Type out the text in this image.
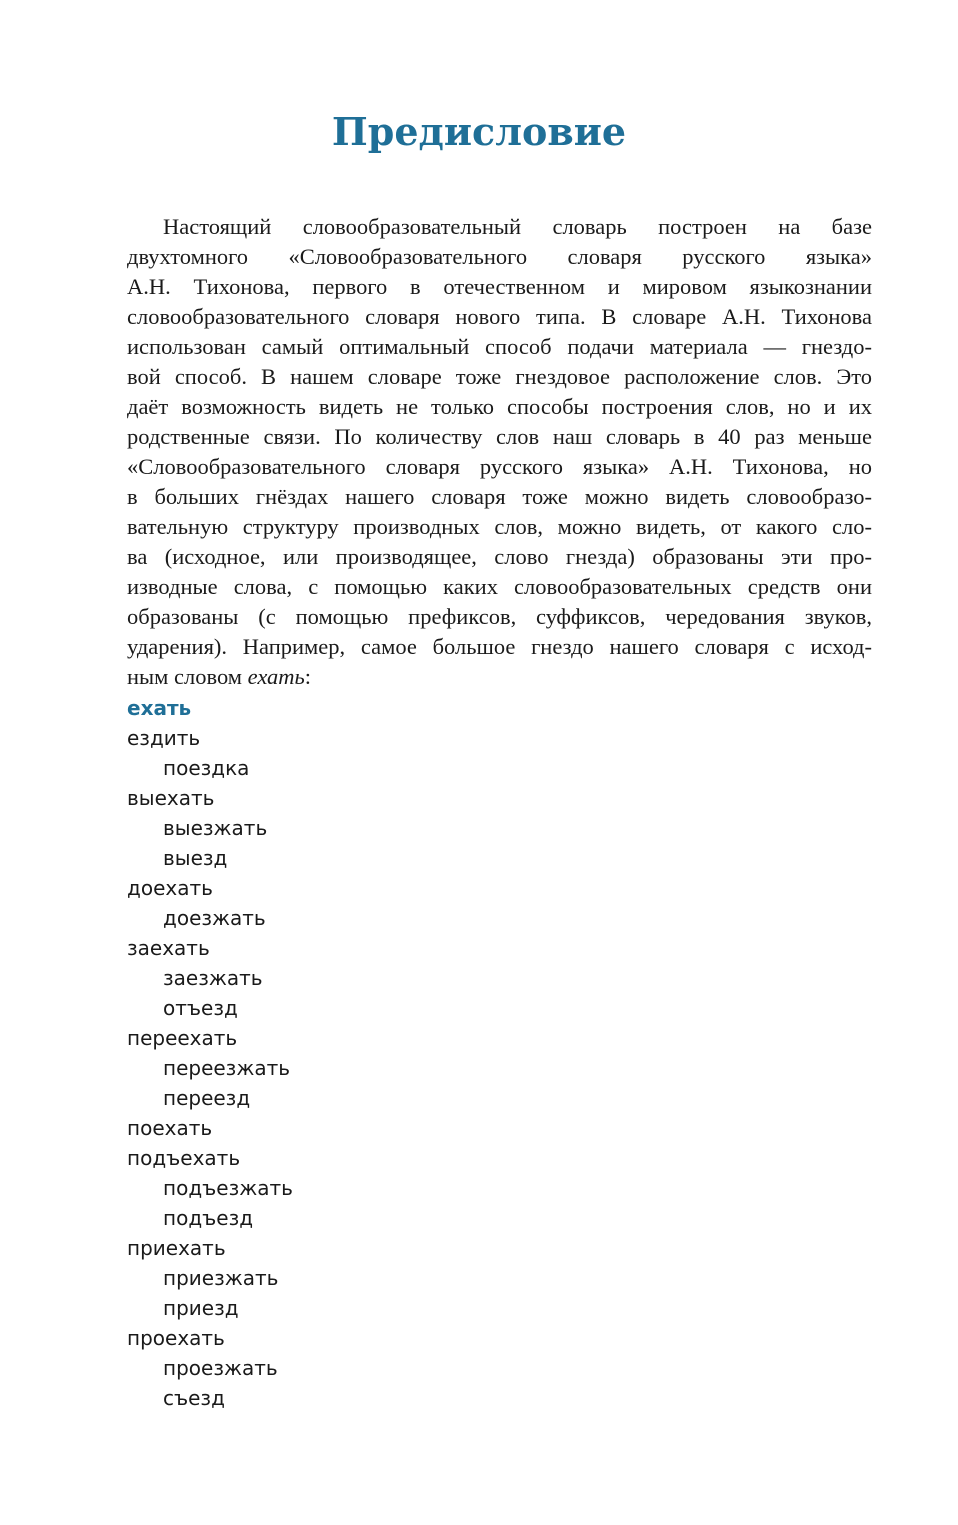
Предисловие
Настоящий словообразовательный словарь построен на базе
двухтомного «Словообразовательного словаря русского языка»
А.Н. Тихонова, первого в отечественном и мировом языкознании
словообразовательного словаря нового типа. В словаре А.Н. Тихонова
использован самый оптимальный способ подачи материала — гнездо-
вой способ. В нашем словаре тоже гнездовое расположение слов. Это
даёт возможность видеть не только способы построения слов, но и их
родственные связи. По количеству слов наш словарь в 40 раз меньше
«Словообразовательного словаря русского языка» А.Н. Тихонова, но
в больших гнёздах нашего словаря тоже можно видеть словообразо-
вательную структуру производных слов, можно видеть, от какого сло-
ва (исходное, или производящее, слово гнезда) образованы эти про-
изводные слова, с помощью каких словообразовательных средств они
образованы (с помощью префиксов, суффиксов, чередования звуков,
ударения). Например, самое большое гнездо нашего словаря с исход-
ным словом ехать:
ехать
ездить
поездка
выехать
выезжать
выезд
доехать
доезжать
заехать
заезжать
отъезд
переехать
переезжать
переезд
поехать
подъехать
подъезжать
подъезд
приехать
приезжать
приезд
проехать
проезжать
съезд
